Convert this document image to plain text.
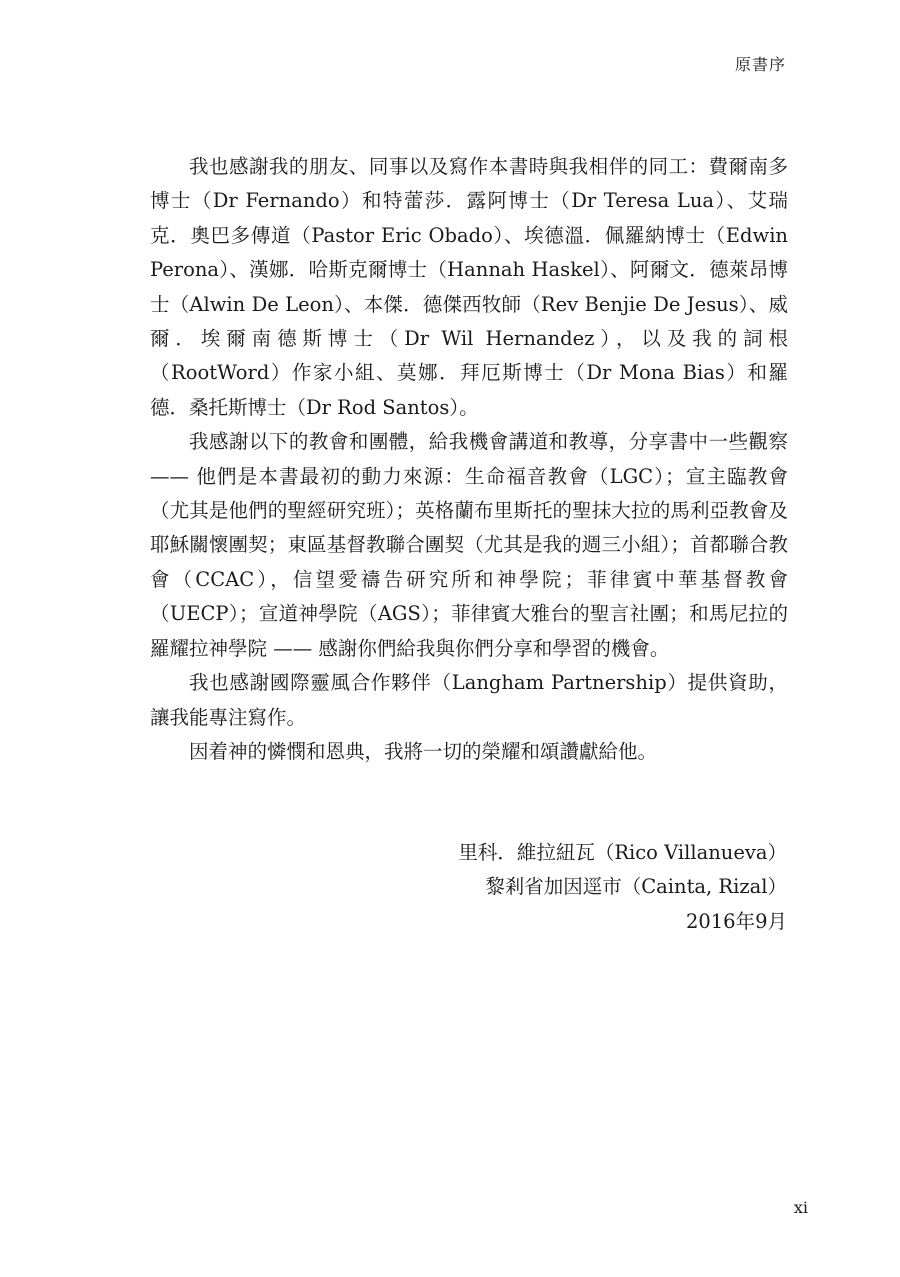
原書序

我也感謝我的朋友、同事以及寫作本書時與我相伴的同工：費爾南多博士（Dr Fernando）和特蕾莎．露阿博士（Dr Teresa Lua）、艾瑞克．奧巴多傳道（Pastor Eric Obado）、埃德溫．佩羅納博士（Edwin Perona）、漢娜．哈斯克爾博士（Hannah Haskel）、阿爾文．德萊昂博士（Alwin De Leon）、本傑．德傑西牧師（Rev Benjie De Jesus）、威爾．埃爾南德斯博士（Dr Wil Hernandez），以及我的詞根（RootWord）作家小組、莫娜．拜厄斯博士（Dr Mona Bias）和羅德．桑托斯博士（Dr Rod Santos）。

我感謝以下的教會和團體，給我機會講道和教導，分享書中一些觀察 —— 他們是本書最初的動力來源：生命福音教會（LGC）；宣主臨教會（尤其是他們的聖經研究班）；英格蘭布里斯托的聖抹大拉的馬利亞教會及耶穌關懷團契；東區基督教聯合團契（尤其是我的週三小組）；首都聯合教會（CCAC），信望愛禱告研究所和神學院；菲律賓中華基督教會（UECP）；宣道神學院（AGS）；菲律賓大雅台的聖言社團；和馬尼拉的羅耀拉神學院 —— 感謝你們給我與你們分享和學習的機會。

我也感謝國際靈風合作夥伴（Langham Partnership）提供資助，讓我能專注寫作。

因着神的憐憫和恩典，我將一切的榮耀和頌讚獻給他。

里科．維拉紐瓦（Rico Villanueva）
黎剎省加因逕市（Cainta, Rizal）
2016年9月
xi
